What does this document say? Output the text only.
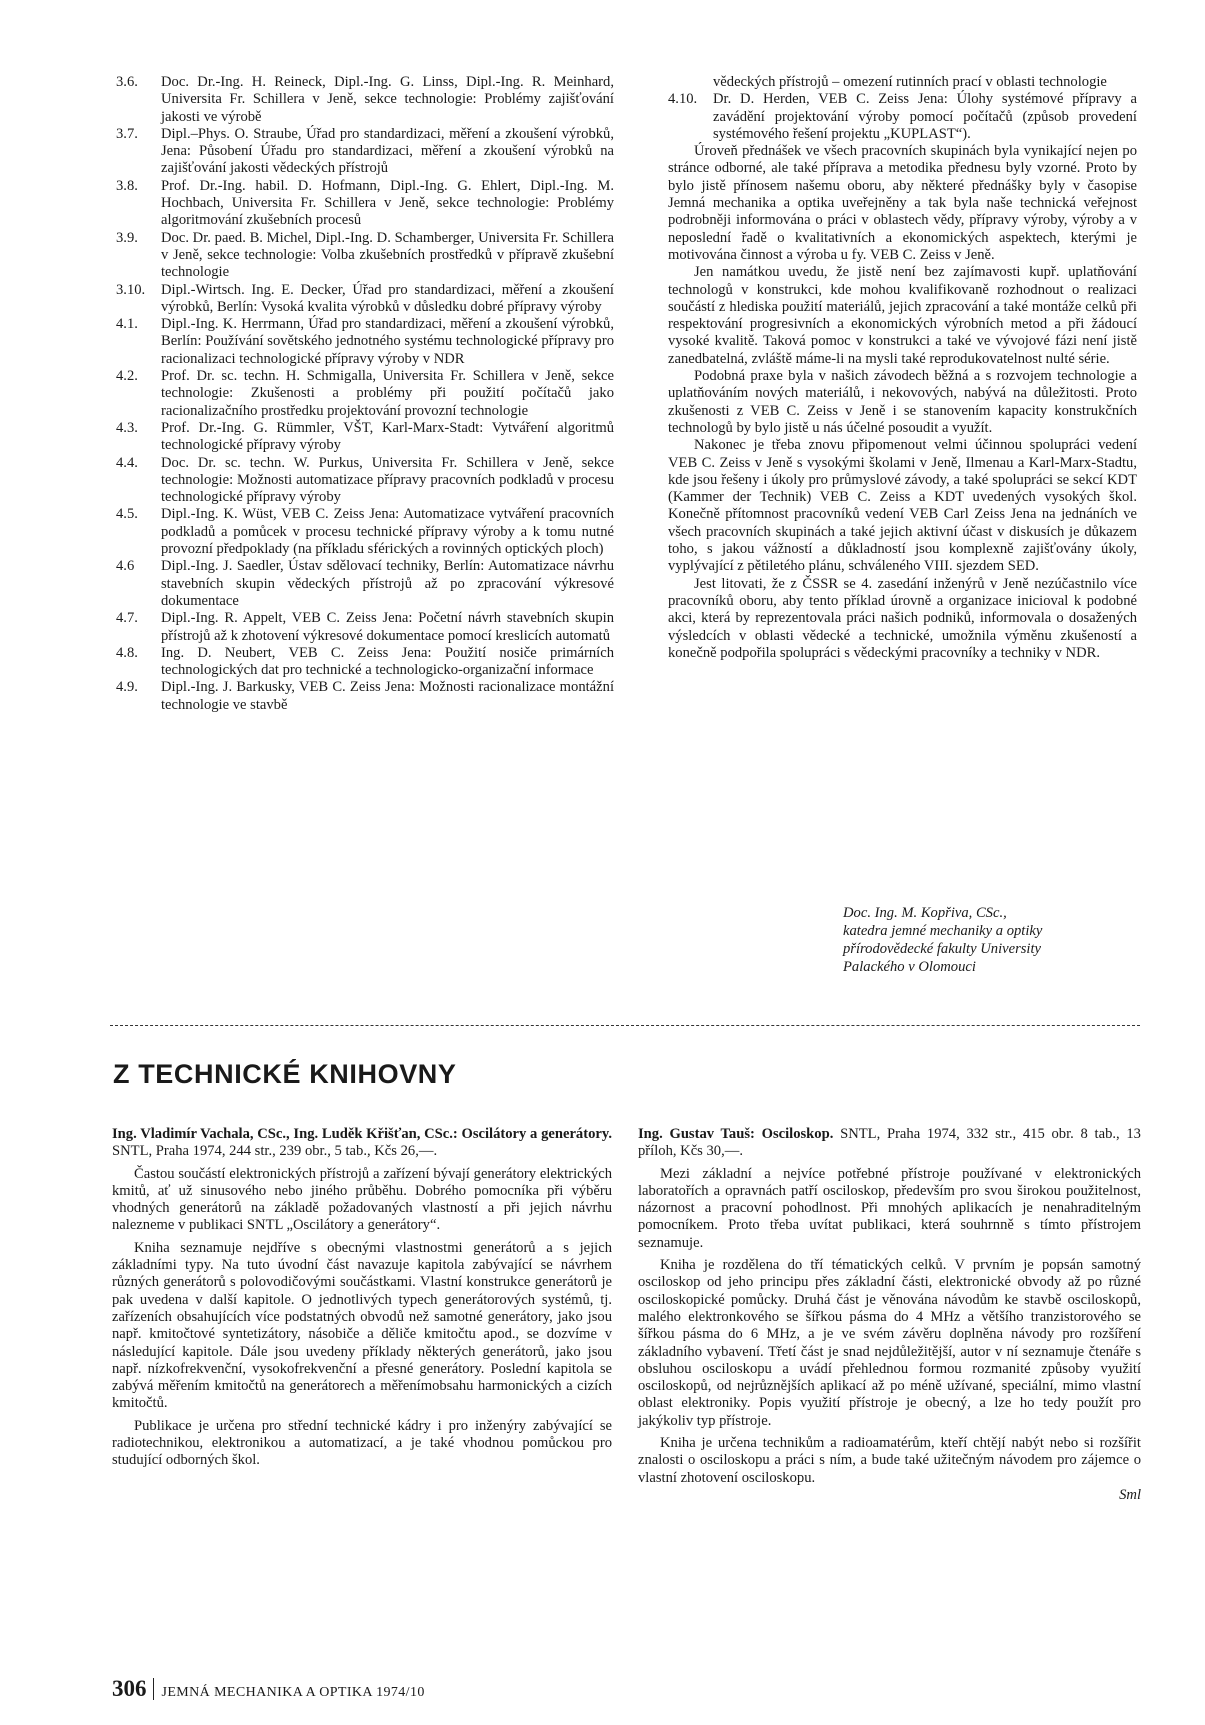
3.6.	Doc. Dr.-Ing. H. Reineck, Dipl.-Ing. G. Linss, Dipl.-Ing. R. Meinhard, Universita Fr. Schillera v Jeně, sekce technologie: Problémy zajišťování jakosti ve výrobě
3.7.	Dipl.–Phys. O. Straube, Úřad pro standardizaci, měření a zkoušení výrobků, Jena: Působení Úřadu pro standardizaci, měření a zkoušení výrobků na zajišťování jakosti vědeckých přístrojů
3.8.	Prof. Dr.-Ing. habil. D. Hofmann, Dipl.-Ing. G. Ehlert, Dipl.-Ing. M. Hochbach, Universita Fr. Schillera v Jeně, sekce technologie: Problémy algoritmování zkušebních procesů
3.9.	Doc. Dr. paed. B. Michel, Dipl.-Ing. D. Schamberger, Universita Fr. Schillera v Jeně, sekce technologie: Volba zkušebních prostředků v přípravě zkušební technologie
3.10.	Dipl.-Wirtsch. Ing. E. Decker, Úřad pro standardizaci, měření a zkoušení výrobků, Berlín: Vysoká kvalita výrobků v důsledku dobré přípravy výroby
4.1.	Dipl.-Ing. K. Herrmann, Úřad pro standardizaci, měření a zkoušení výrobků, Berlín: Používání sovětského jednotného systému technologické přípravy pro racionalizaci technologické přípravy výroby v NDR
4.2.	Prof. Dr. sc. techn. H. Schmigalla, Universita Fr. Schillera v Jeně, sekce technologie: Zkušenosti a problémy při použití počítačů jako racionalizačního prostředku projektování provozní technologie
4.3.	Prof. Dr.-Ing. G. Rümmler, VŠT, Karl-Marx-Stadt: Vytváření algoritmů technologické přípravy výroby
4.4.	Doc. Dr. sc. techn. W. Purkus, Universita Fr. Schillera v Jeně, sekce technologie: Možnosti automatizace přípravy pracovních podkladů v procesu technologické přípravy výroby
4.5.	Dipl.-Ing. K. Wüst, VEB C. Zeiss Jena: Automatizace vytváření pracovních podkladů a pomůcek v procesu technické přípravy výroby a k tomu nutné provozní předpoklady (na příkladu sférických a rovinných optických ploch)
4.6	Dipl.-Ing. J. Saedler, Ústav sdělovací techniky, Berlín: Automatizace návrhu stavebních skupin vědeckých přístrojů až po zpracování výkresové dokumentace
4.7.	Dipl.-Ing. R. Appelt, VEB C. Zeiss Jena: Početní návrh stavebních skupin přístrojů až k zhotovení výkresové dokumentace pomocí kreslicích automatů
4.8.	Ing. D. Neubert, VEB C. Zeiss Jena: Použití nosiče primárních technologických dat pro technické a technologicko-organizační informace
4.9.	Dipl.-Ing. J. Barkusky, VEB C. Zeiss Jena: Možnosti racionalizace montážní technologie ve stavbě
vědeckých přístrojů – omezení rutinních prací v oblasti technologie
4.10.	Dr. D. Herden, VEB C. Zeiss Jena: Úlohy systémové přípravy a zavádění projektování výroby pomocí počítačů (způsob provedení systémového řešení projektu „KUPLAST“).
Úroveň přednášek ve všech pracovních skupinách byla vynikající nejen po stránce odborné, ale také příprava a metodika přednesu byly vzorné. Proto by bylo jistě přínosem našemu oboru, aby některé přednášky byly v časopise Jemná mechanika a optika uveřejněny a tak byla naše technická veřejnost podrobněji informována o práci v oblastech vědy, přípravy výroby, výroby a v neposlední řadě o kvalitativních a ekonomických aspektech, kterými je motivována činnost a výroba u fy. VEB C. Zeiss v Jeně.
Jen namátkou uvedu, že jistě není bez zajímavosti kupř. uplatňování technologů v konstrukci, kde mohou kvalifikovaně rozhodnout o realizaci součástí z hlediska použití materiálů, jejich zpracování a také montáže celků při respektování progresivních a ekonomických výrobních metod a při žádoucí vysoké kvalitě. Taková pomoc v konstrukci a také ve vývojové fázi není jistě zanedbatelná, zvláště máme-li na mysli také reprodukovatelnost nulté série.
Podobná praxe byla v našich závodech běžná a s rozvojem technologie a uplatňováním nových materiálů, i nekovových, nabývá na důležitosti. Proto zkušenosti z VEB C. Zeiss v Jeně i se stanovením kapacity konstrukčních technologů by bylo jistě u nás účelné posoudit a využít.
Nakonec je třeba znovu připomenout velmi účinnou spolupráci vedení VEB C. Zeiss v Jeně s vysokými školami v Jeně, Ilmenau a Karl-Marx-Stadtu, kde jsou řešeny i úkoly pro průmyslové závody, a také spolupráci se sekcí KDT (Kammer der Technik) VEB C. Zeiss a KDT uvedených vysokých škol. Konečně přítomnost pracovníků vedení VEB Carl Zeiss Jena na jednáních ve všech pracovních skupinách a také jejich aktivní účast v diskusích je důkazem toho, s jakou vážností a důkladností jsou komplexně zajišťovány úkoly, vyplývající z pětiletého plánu, schváleného VIII. sjezdem SED.
Jest litovati, že z ČSSR se 4. zasedání inženýrů v Jeně nezúčastnilo více pracovníků oboru, aby tento příklad úrovně a organizace inicioval k podobné akci, která by reprezentovala práci našich podniků, informovala o dosažených výsledcích v oblasti vědecké a technické, umožnila výměnu zkušeností a konečně podpořila spolupráci s vědeckými pracovníky a techniky v NDR.
Doc. Ing. M. Kopřiva, CSc.,
katedra jemné mechaniky a optiky
přírodovědecké fakulty University
Palackého v Olomouci
Z TECHNICKÉ KNIHOVNY

Ing. Vladimír Vachala, CSc., Ing. Luděk Křišťan, CSc.: Oscilátory a generátory. SNTL, Praha 1974, 244 str., 239 obr., 5 tab., Kčs 26,—.

Častou součástí elektronických přístrojů a zařízení bývají generátory elektrických kmitů, ať už sinusového nebo jiného průběhu. Dobrého pomocníka při výběru vhodných generátorů na základě požadovaných vlastností a při jejich návrhu nalezneme v publikaci SNTL „Oscilátory a generátory“.
Kniha seznamuje nejdříve s obecnými vlastnostmi generátorů a s jejich základními typy. Na tuto úvodní část navazuje kapitola zabývající se návrhem různých generátorů s polovodičovými součástkami. Vlastní konstrukce generátorů je pak uvedena v další kapitole. O jednotlivých typech generátorových systémů, tj. zařízeních obsahujících více podstatných obvodů než samotné generátory, jako jsou např. kmitočtové syntetizátory, násobiče a děliče kmitočtu apod., se dozvíme v následující kapitole. Dále jsou uvedeny příklady některých generátorů, jako jsou např. nízkofrekvenční, vysokofrekvenční a přesné generátory. Poslední kapitola se zabývá měřením kmitočtů na generátorech a měřenímobsahu harmonických a cizích kmitočtů.
Publikace je určena pro střední technické kádry i pro inženýry zabývající se radiotechnikou, elektronikou a automatizací, a je také vhodnou pomůckou pro studující odborných škol.

Ing. Gustav Tauš: Osciloskop. SNTL, Praha 1974, 332 str., 415 obr. 8 tab., 13 příloh, Kčs 30,—.

Mezi základní a nejvíce potřebné přístroje používané v elektronických laboratořích a opravnách patří osciloskop, především pro svou širokou použitelnost, názornost a pracovní pohodlnost. Při mnohých aplikacích je nenahraditelným pomocníkem. Proto třeba uvítat publikaci, která souhrnně s tímto přístrojem seznamuje.
Kniha je rozdělena do tří tématických celků. V prvním je popsán samotný osciloskop od jeho principu přes základní části, elektronické obvody až po různé osciloskopické pomůcky. Druhá část je věnována návodům ke stavbě osciloskopů, malého elektronkového se šířkou pásma do 4 MHz a většího tranzistorového se šířkou pásma do 6 MHz, a je ve svém závěru doplněna návody pro rozšíření základního vybavení. Třetí část je snad nejdůležitější, autor v ní seznamuje čtenáře s obsluhou osciloskopu a uvádí přehlednou formou rozmanité způsoby využití osciloskopů, od nejrůznějších aplikací až po méně užívané, speciální, mimo vlastní oblast elektroniky. Popis využití přístroje je obecný, a lze ho tedy použít pro jakýkoliv typ přístroje.
Kniha je určena technikům a radioamatérům, kteří chtějí nabýt nebo si rozšířit znalosti o osciloskopu a práci s ním, a bude také užitečným návodem pro zájemce o vlastní zhotovení osciloskopu.
Sml
306 JEMNÁ MECHANIKA A OPTIKA 1974/10
